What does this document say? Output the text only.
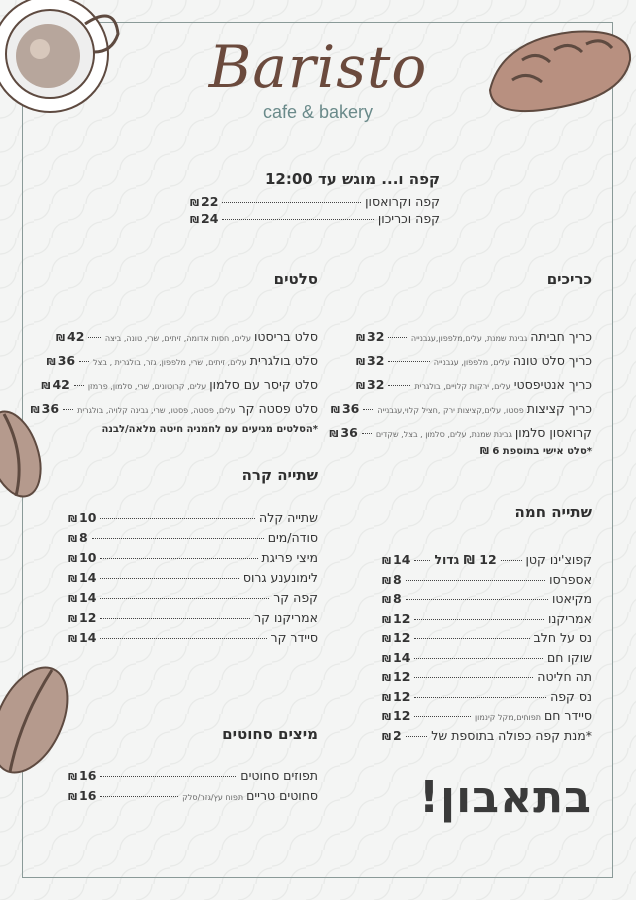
Baristo
cafe & bakery
קפה ו... מוגש עד 12:00
קפה וקרואסון
22
₪
קפה וכריכון
24
₪
כריכים
כריך חביתה
גבינת שמנת, עלים,מלפפון,עגבנייה
32
₪
כריך סלט טונה
עלים, מלפפון, עגבנייה
32
₪
כריך אנטיפסטי
עלים, ירקות קלויים, בולגרית
32
₪
כריך קציצות
פסטו, עלים,קציצות ירק ,חציל קלוי,עגבנייה
36
₪
קרואסון סלמון
גבינת שמנת, עלים, סלמון , בצל, שקדים
36
₪
*סלט אישי בתוספת 6 ₪
סלטים
סלט בריסטו
עלים, חסות אדומה, זיתים, שרי, טונה, ביצה
42
₪
סלט בולגרית
עלים, זיתים, שרי, מלפפון, גזר, בולגרית , בצל
36
₪
סלט קיסר עם סלמון
עלים, קרוטונים, שרי, סלמון, פרמזן
42
₪
סלט פסטה קר
עלים, פסטה, פסטו, שרי, גבינה קלויה, בולגרית
36
₪
*הסלטים מגיעים עם לחמניה חיטה מלאה/לבנה
שתייה קרה
שתייה קלה
10
₪
סודה/מים
8
₪
מיצי פריגת
10
₪
לימונענע גרוס
14
₪
קפה קר
14
₪
אמריקנו קר
12
₪
סיידר קר
14
₪
שתייה חמה
קפוצ'ינו קטן
12 ₪ גדול
14
₪
אספרסו
8
₪
מקיאטו
8
₪
אמריקנו
12
₪
נס על חלב
12
₪
שוקו חם
14
₪
תה חליטה
12
₪
נס קפה
12
₪
סיידר חם
תפוחים,מקל קינמון
12
₪
*מנת קפה כפולה בתוספת של
2
₪
מיצים סחוטים
תפוזים סחוטים
16
₪
סחוטים טריים
תפוח עץ/גזר/סלק
16
₪	בתאבון!
